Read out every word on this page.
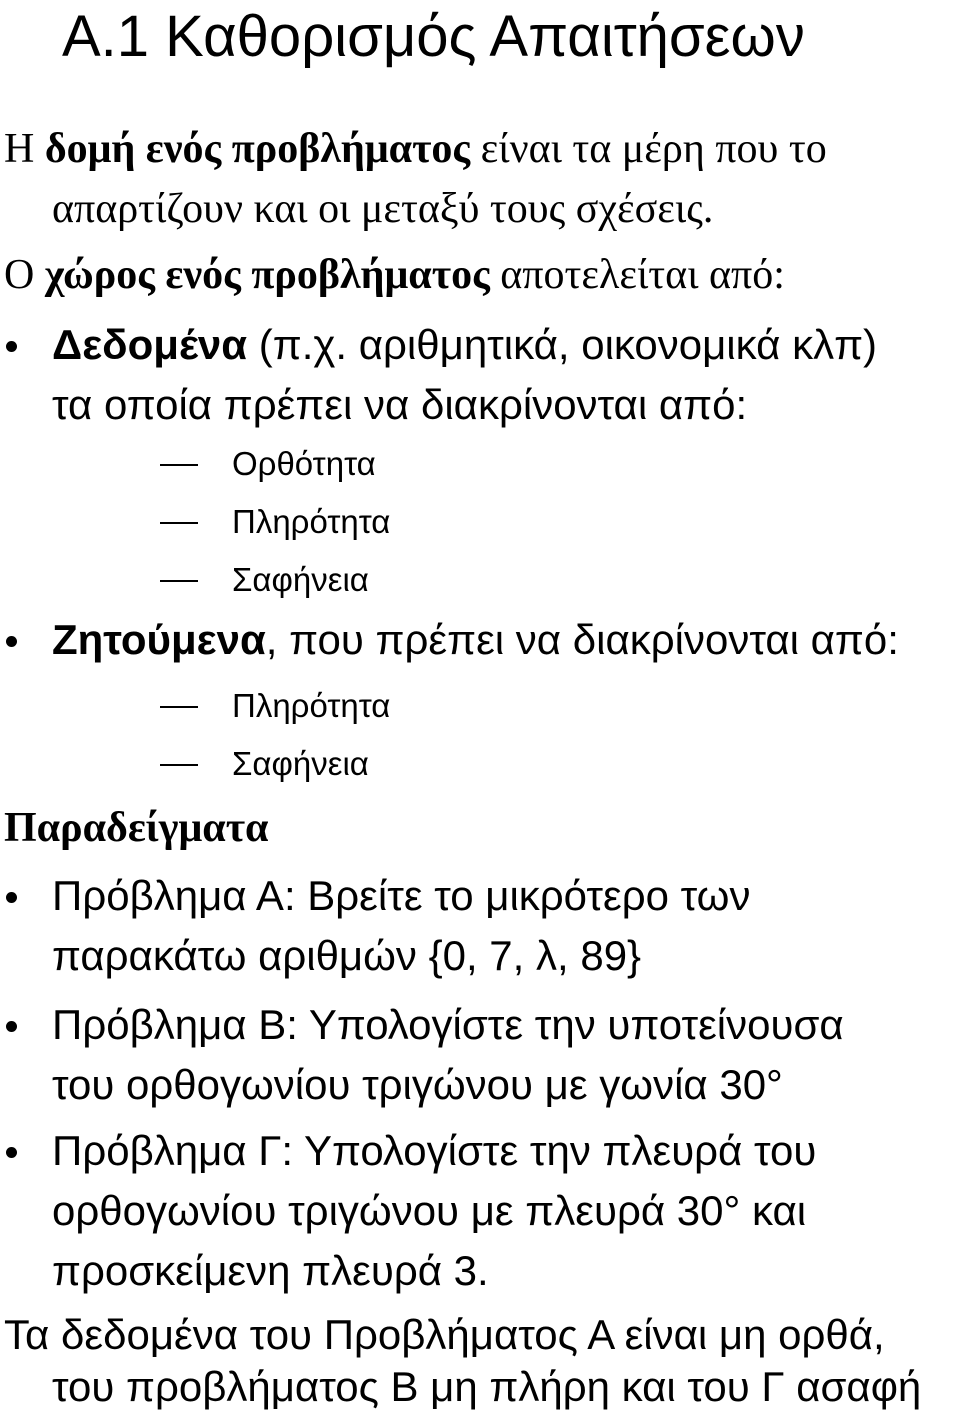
A.1 Καθορισμός Απαιτήσεων
Η δομή ενός προβλήματος είναι τα μέρη που το
απαρτίζουν και οι μεταξύ τους σχέσεις.
Ο χώρος ενός προβλήματος αποτελείται από:
Δεδομένα (π.χ. αριθμητικά, οικονομικά κλπ)
τα οποία πρέπει να διακρίνονται από:
Ορθότητα
Πληρότητα
Σαφήνεια
Ζητούμενα, που πρέπει να διακρίνονται από:
Πληρότητα
Σαφήνεια
Παραδείγματα
Πρόβλημα Α: Βρείτε το μικρότερο των
παρακάτω αριθμών {0, 7, λ, 89}
Πρόβλημα Β: Υπολογίστε την υποτείνουσα
του ορθογωνίου τριγώνου με γωνία 30°
Πρόβλημα Γ: Υπολογίστε την πλευρά του
ορθογωνίου τριγώνου με πλευρά 30° και
προσκείμενη πλευρά 3.
Τα δεδομένα του Προβλήματος Α είναι μη ορθά,
του προβλήματος Β μη πλήρη και του Γ ασαφή
